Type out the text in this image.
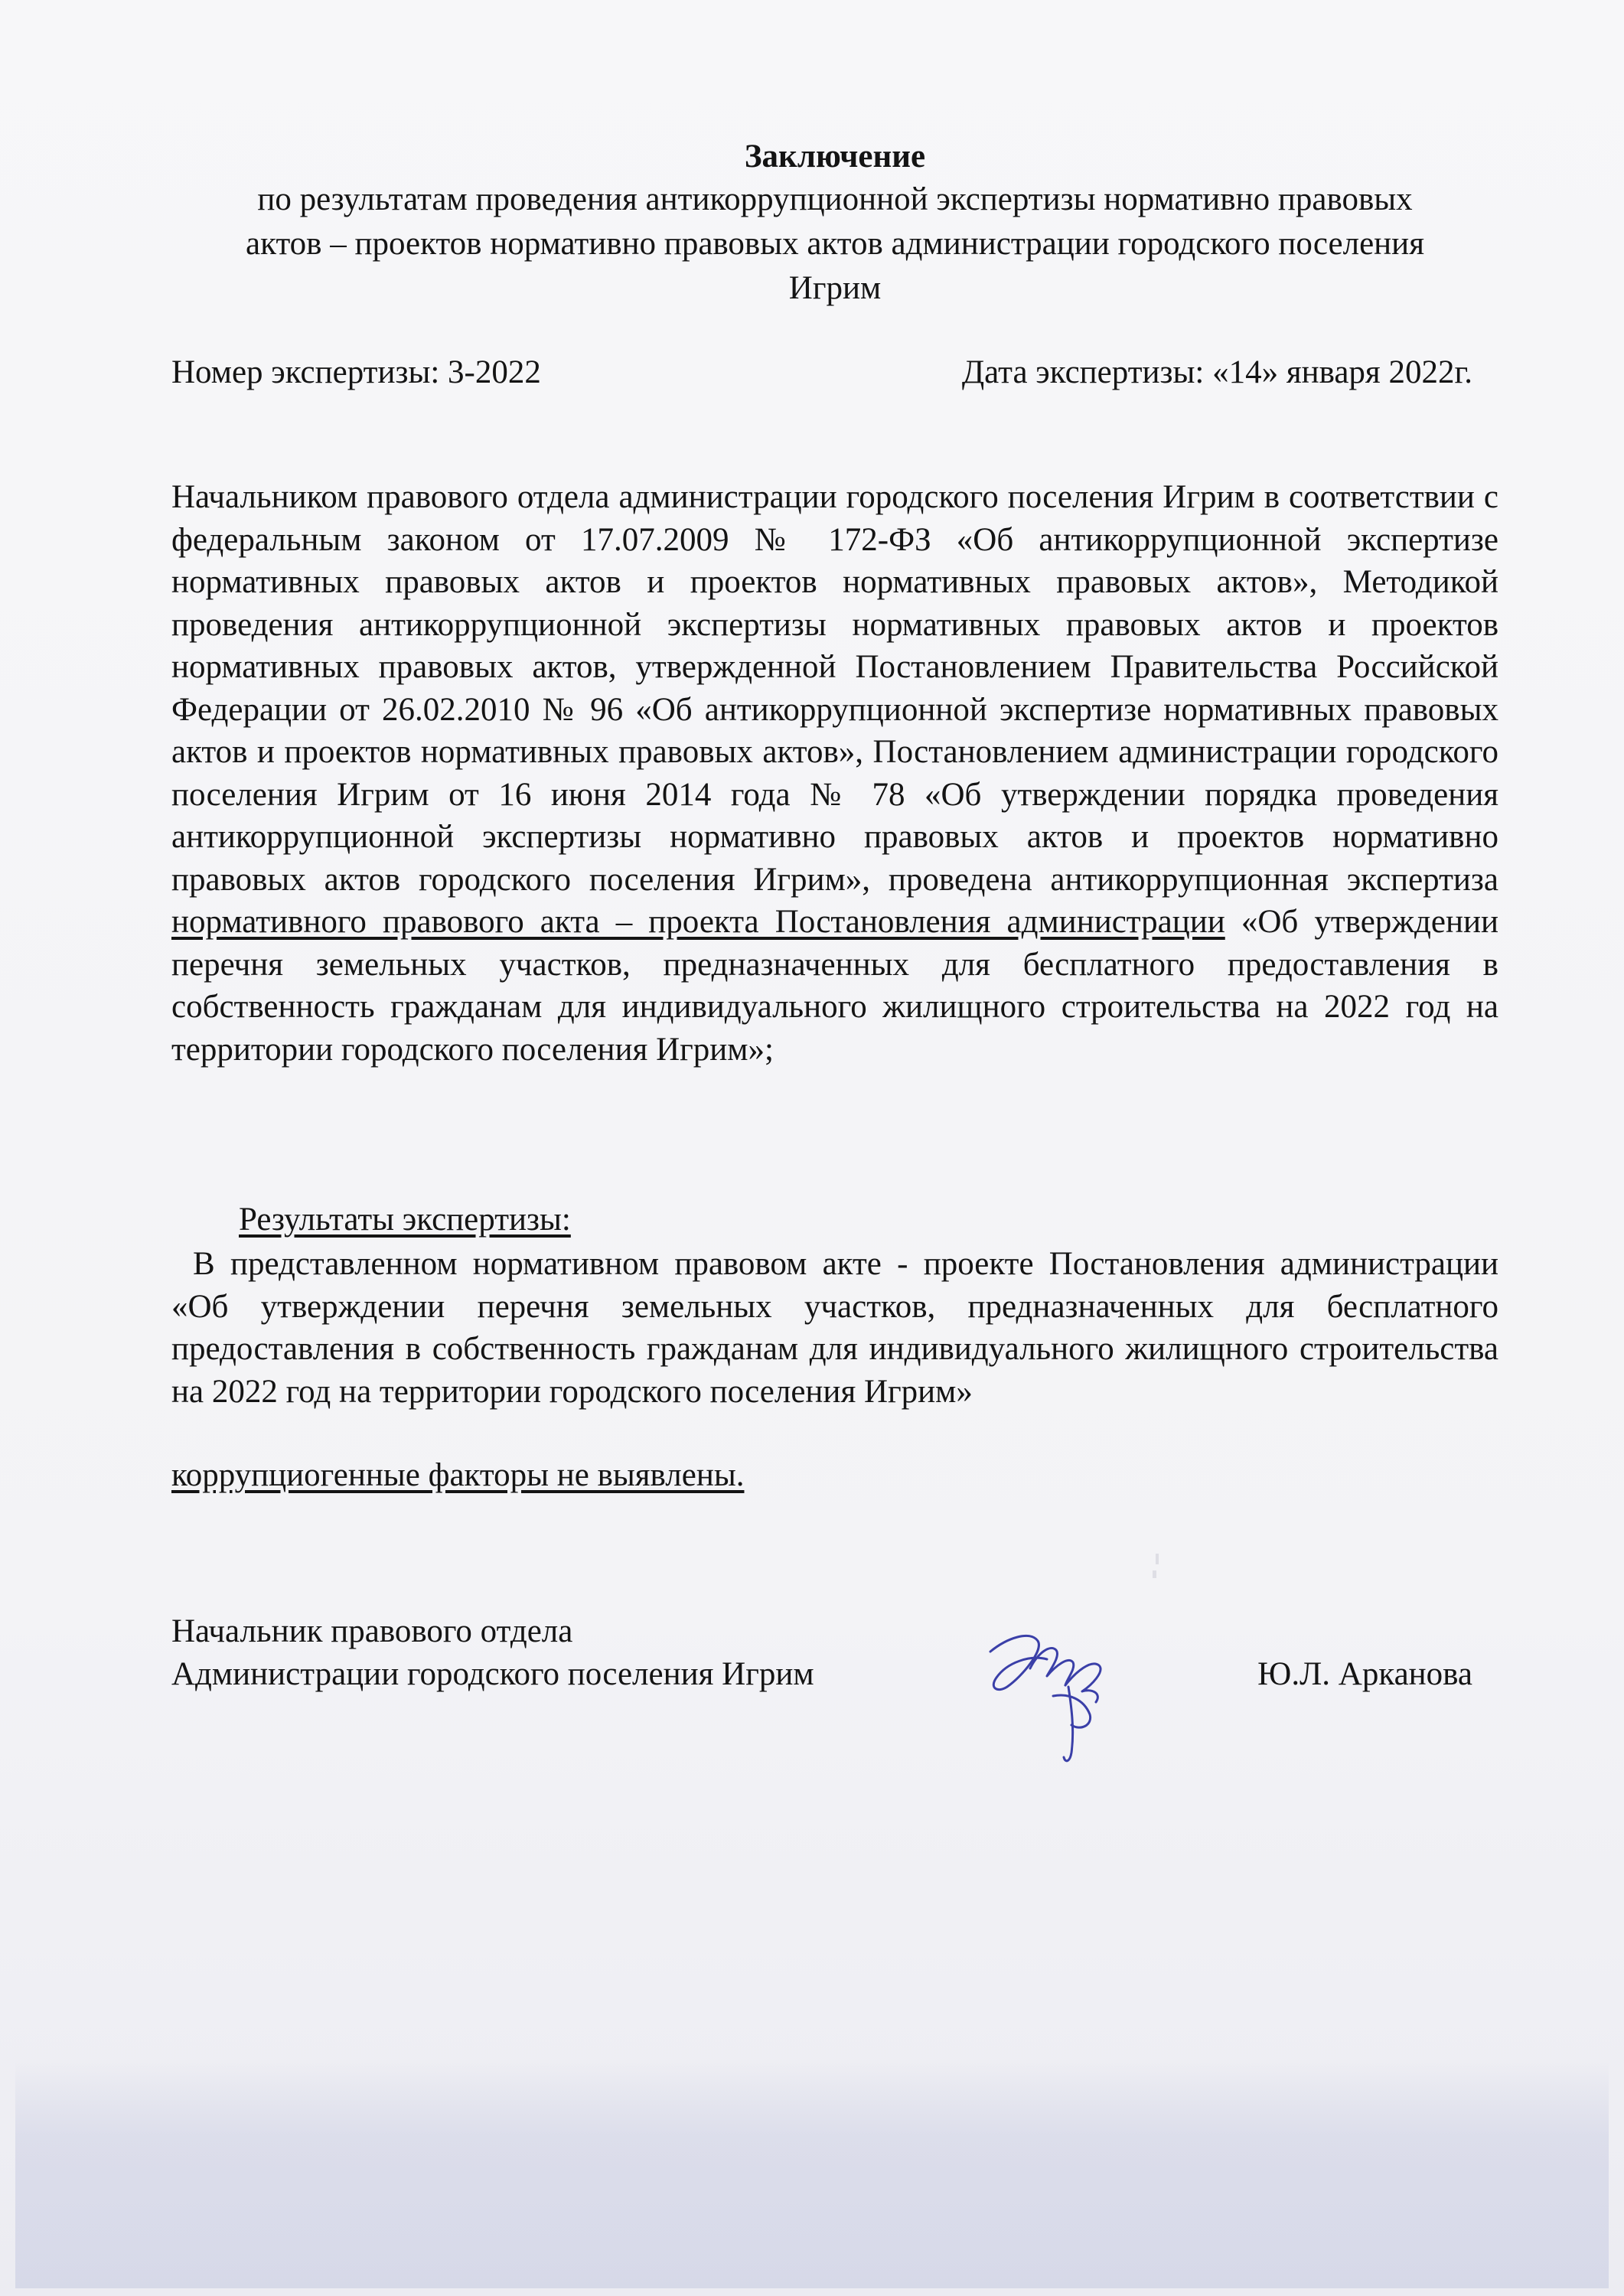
Заключение
по результатам проведения антикоррупционной экспертизы нормативно правовых
актов – проектов нормативно правовых актов администрации городского поселения
Игрим
Номер экспертизы: 3-2022	Дата экспертизы: «14» января 2022г.

Начальником правового отдела администрации городского поселения Игрим в соответствии с федеральным законом от 17.07.2009 № 172-ФЗ «Об антикоррупционной экспертизе нормативных правовых актов и проектов нормативных правовых актов», Методикой проведения антикоррупционной экспертизы нормативных правовых актов и проектов нормативных правовых актов, утвержденной Постановлением Правительства Российской Федерации от 26.02.2010 № 96 «Об антикоррупционной экспертизе нормативных правовых актов и проектов нормативных правовых актов», Постановлением администрации городского поселения Игрим от 16 июня 2014 года № 78 «Об утверждении порядка проведения антикоррупционной экспертизы нормативно правовых актов и проектов нормативно правовых актов городского поселения Игрим», проведена антикоррупционная экспертиза нормативного правового акта – проекта Постановления администрации «Об утверждении перечня земельных участков, предназначенных для бесплатного предоставления в собственность гражданам для индивидуального жилищного строительства на 2022 год на территории городского поселения Игрим»;

Результаты экспертизы:

В представленном нормативном правовом акте - проекте Постановления администрации «Об утверждении перечня земельных участков, предназначенных для бесплатного предоставления в собственность гражданам для индивидуального жилищного строительства на 2022 год на территории городского поселения Игрим»

коррупциогенные факторы не выявлены.

Начальник правового отдела
Администрации городского поселения Игрим	Ю.Л. Арканова
